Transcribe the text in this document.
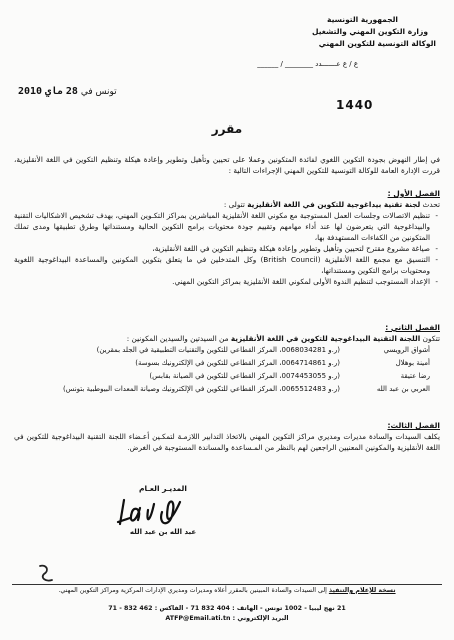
الجمهورية التونسية
وزارة التكوين المهني والتشغيل
الوكالة التونسية للتكوين المهني
ع / ع عـــــــدد ________ / ______
تونس في 28 ماي 2010
1440
مقرر
في إطار النهوض بجودة التكوين اللغوي لفائدة المتكونين وعملا على تحيين وتأهيل وتطوير وإعادة هيكلة وتنظيم التكوين في اللغة الأنقليزية، قررت الإدارة العامة للوكالة التونسية للتكوين المهني الإجراءات التالية :
الفصل الأول :
تحدث لجنة تقنية بيداغوجية للتكوين في اللغة الأنقليزية تتولى :
- تنظيم الاتصالات وجلسات العمل المستوجبة مع مكوني اللغة الأنقليزية المباشرين بمراكز التكـوين المهني، بهدف تشخيص الاشكاليات التقنية والبيداغوجية التي يتعرضون لها عند أداء مهامهم وتقييم جودة محتويات برامج التكوين الحالية ومستنداتها وطرق تطبيقها ومدى تملك المتكونين من الكفاءات المستهدفة بها،
- صياغة مشروع مقترح لتحيين وتأهيل وتطوير وإعادة هيكلة وتنظيم التكوين في اللغة الأنقليزية،
- التنسيق مع مجمع اللغة الأنقليزية (British Council) وكل المتدخلين في ما يتعلق بتكوين المكونين والمساعدة البيداغوجية اللغوية ومحتويات برامج التكوين ومستنداتها،
- الإعداد المستوجب لتنظيم الندوة الأولى لمكوني اللغة الأنقليزية بمراكز التكوين المهني.
الفصل الثاني :
تتكون اللجنة التقنية البيداغوجية للتكوين في اللغة الأنقليزية من السيدتين والسيدين المكونين :
أشواق الرويسي
(ر.و 0068034281، المركز القطاعي للتكوين والتقنيات التطبيقية في الجلد بمقرين)
أمينة بوهلال
(ر.و 0064714861، المركز القطاعي للتكوين في الإلكترونيك بسوسة)
رضا عتيقة
(ر.و 0074453055، المركز القطاعي للتكوين في الصيانة بقابس)
العربي بن عبد الله
(ر.و 0065512483، المركز القطاعي للتكوين في الإلكترونيك وصيانة المعدات البيوطبية بتونس)
الفصل الثالث:
يكلف السيدات والسادة مديرات ومديري مراكز التكوين المهني بالاتخاذ التدابير اللازمـة لتمكـين أعـضاء اللجنة التقنية البيداغوجية للتكوين في اللغة الأنقليزية والمكونين المعنيين الراجعين لهم بالنظر من المـساعدة والمساندة المستوجبة في الغرض.
المديـر العـام
عبد الله بن عبد الله
نسخة للإعلام والتنفيذ إلى السيدات والسادة المبينين بالمقرر أعلاه ومديرات ومديري الإدارات المركزية ومراكز التكوين المهني.
21 نهج ليبيا - 1002 تونس - الهاتف : 404 832 71 - الفاكس : 462 832 - 71
البريد الإلكتروني : ATFP@Email.ati.tn
